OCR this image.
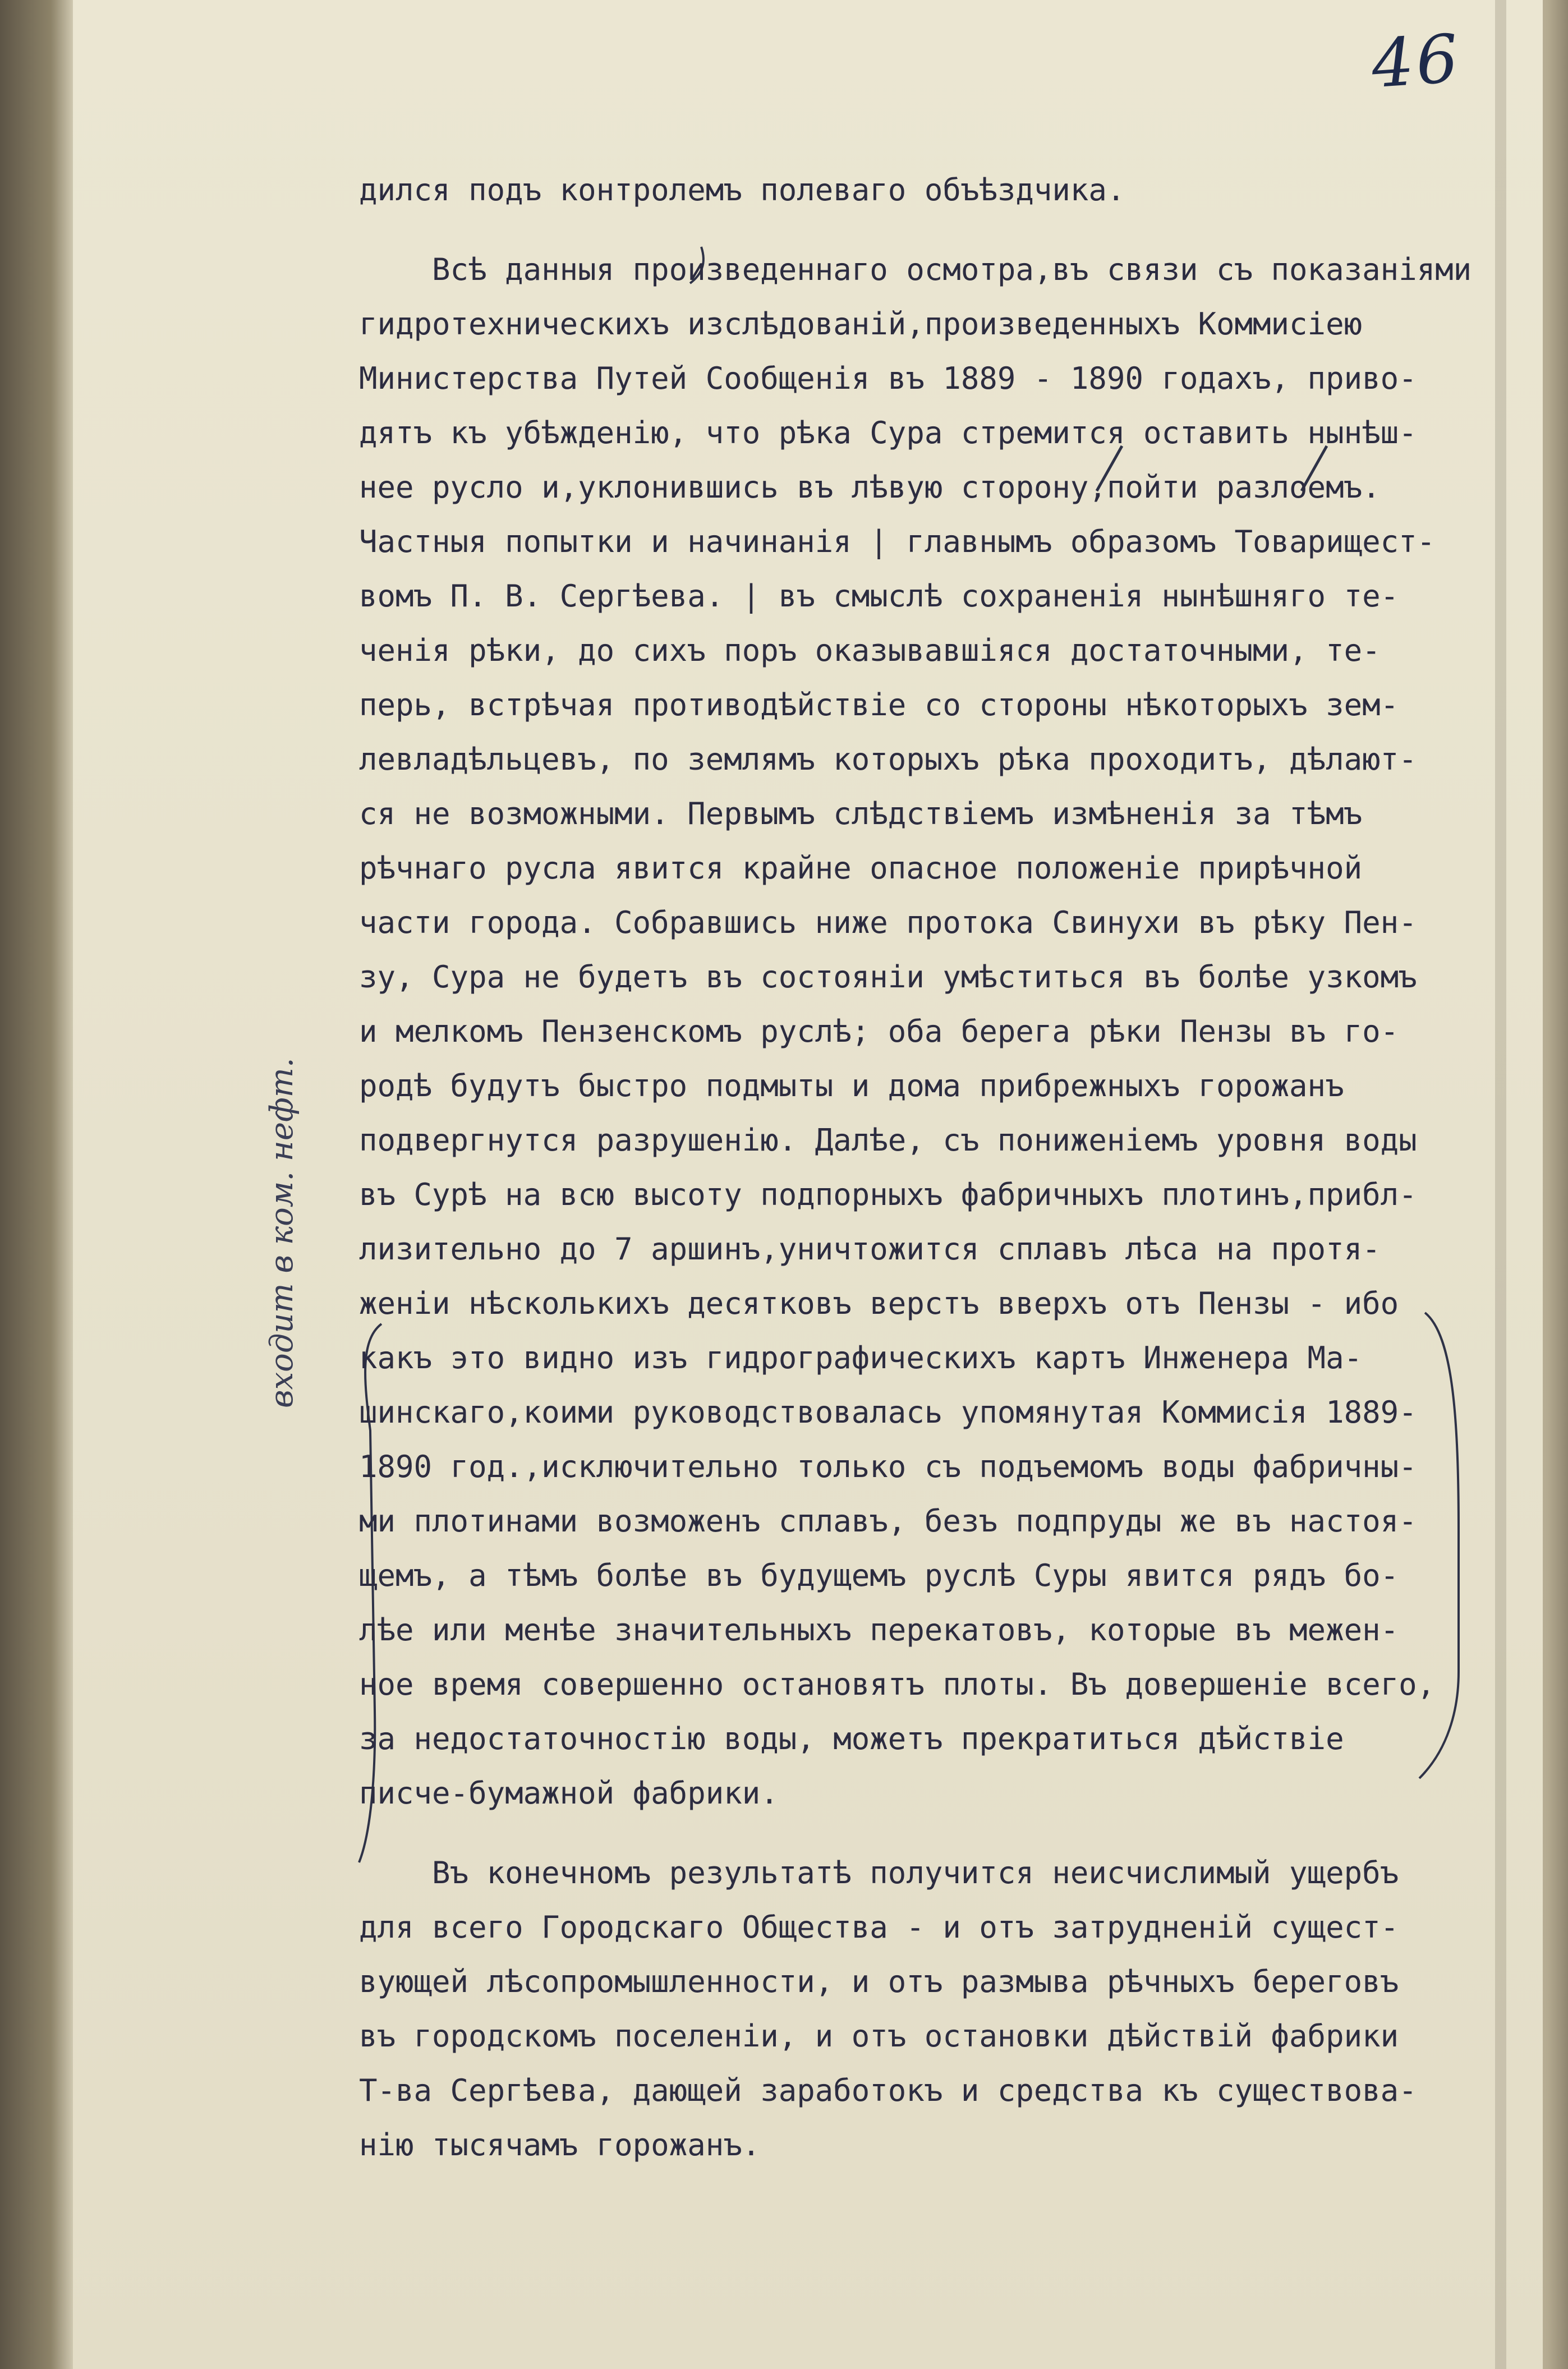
46
входит в ком. нефт.
дился подъ контролемъ полеваго объѣздчика.
Всѣ данныя произведеннаго осмотра,въ связи съ показаніями
гидротехническихъ изслѣдованій,произведенныхъ Коммисіею
Министерства Путей Сообщенія въ 1889 - 1890 годахъ, приво-
дятъ къ убѣжденію, что рѣка Сура стремится оставить нынѣш-
нее русло и,уклонившись въ лѣвую сторону,пойти разлоемъ.
Частныя попытки и начинанія | главнымъ образомъ Товарищест-
вомъ П. В. Сергѣева. | въ смыслѣ сохраненія нынѣшняго те-
ченія рѣки, до сихъ поръ оказывавшіяся достаточными, те-
перь, встрѣчая противодѣйствіе со стороны нѣкоторыхъ зем-
левладѣльцевъ, по землямъ которыхъ рѣка проходитъ, дѣлают-
ся не возможными. Первымъ слѣдствіемъ измѣненія за тѣмъ
рѣчнаго русла явится крайне опасное положеніе прирѣчной
части города. Собравшись ниже протока Свинухи въ рѣку Пен-
зу, Сура не будетъ въ состояніи умѣститься въ болѣе узкомъ
и мелкомъ Пензенскомъ руслѣ; оба берега рѣки Пензы въ го-
родѣ будутъ быстро подмыты и дома прибрежныхъ горожанъ
подвергнутся разрушенію. Далѣе, съ пониженіемъ уровня воды
въ Сурѣ на всю высоту подпорныхъ фабричныхъ плотинъ,прибл-
лизительно до 7 аршинъ,уничтожится сплавъ лѣса на протя-
женіи нѣсколькихъ десятковъ верстъ вверхъ отъ Пензы - ибо
какъ это видно изъ гидрографическихъ картъ Инженера Ма-
шинскаго,коими руководствовалась упомянутая Коммисія 1889-
1890 год.,исключительно только съ подъемомъ воды фабричны-
ми плотинами возможенъ сплавъ, безъ подпруды же въ настоя-
щемъ, а тѣмъ болѣе въ будущемъ руслѣ Суры явится рядъ бо-
лѣе или менѣе значительныхъ перекатовъ, которые въ межен-
ное время совершенно остановятъ плоты. Въ довершеніе всего,
за недостаточностію воды, можетъ прекратиться дѣйствіе
писче-бумажной фабрики.
Въ конечномъ результатѣ получится неисчислимый ущербъ
для всего Городскаго Общества - и отъ затрудненій сущест-
вующей лѣсопромышленности, и отъ размыва рѣчныхъ береговъ
въ городскомъ поселеніи, и отъ остановки дѣйствій фабрики
Т-ва Сергѣева, дающей заработокъ и средства къ существова-
нію тысячамъ горожанъ.
